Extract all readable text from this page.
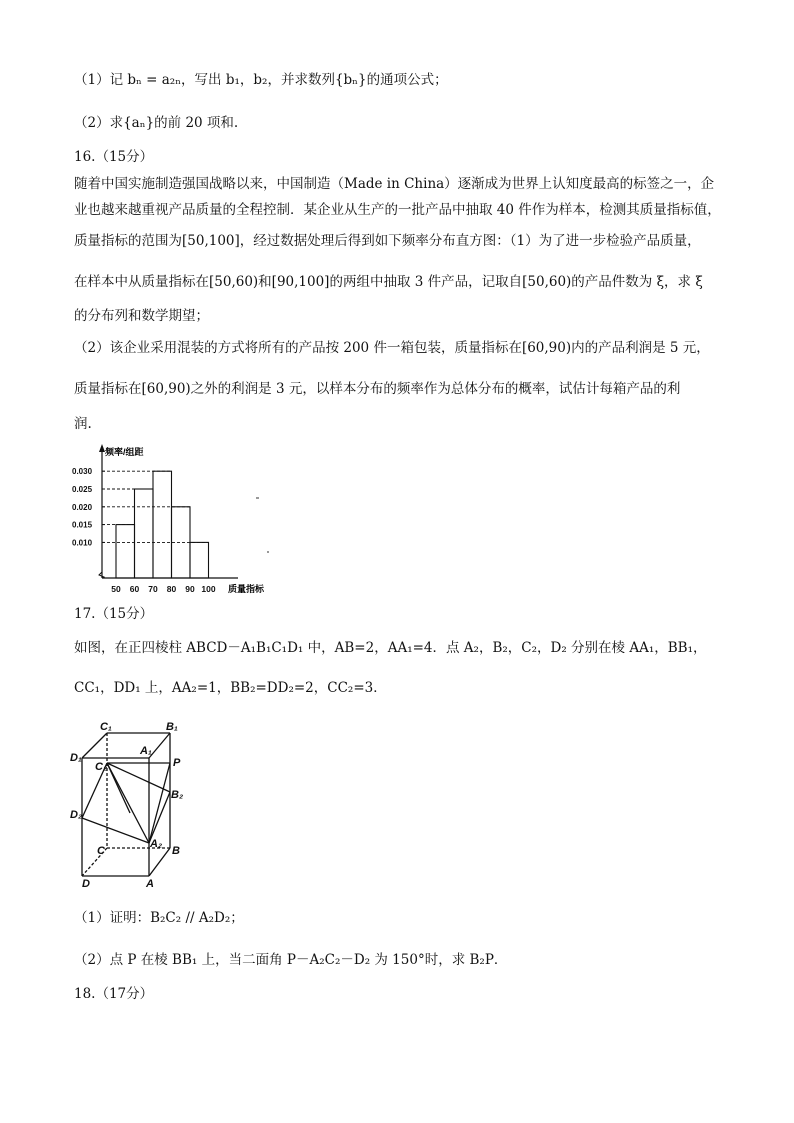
（1）记 bₙ = a₂ₙ，写出 b₁，b₂，并求数列{bₙ}的通项公式；
（2）求{aₙ}的前 20 项和.
16.（15分）
随着中国实施制造强国战略以来，中国制造（Made in China）逐渐成为世界上认知度最高的标签之一，企
业也越来越重视产品质量的全程控制．某企业从生产的一批产品中抽取 40 件作为样本，检测其质量指标值，
质量指标的范围为[50,100]，经过数据处理后得到如下频率分布直方图：（1）为了进一步检验产品质量，
在样本中从质量指标在[50,60)和[90,100]的两组中抽取 3 件产品，记取自[50,60)的产品件数为 ξ，求 ξ
的分布列和数学期望；
（2）该企业采用混装的方式将所有的产品按 200 件一箱包装，质量指标在[60,90)内的产品利润是 5 元，
质量指标在[60,90)之外的利润是 3 元，以样本分布的频率作为总体分布的概率，试估计每箱产品的利
润.
0.010
0.015
0.020
0.025
0.030
50 60 70 80 90 100
频率/组距
质量指标
17.（15分）
如图，在正四棱柱 ABCD－A₁B₁C₁D₁ 中，AB=2，AA₁=4．点 A₂，B₂，C₂，D₂ 分别在棱 AA₁，BB₁，
CC₁，DD₁ 上，AA₂=1，BB₂=DD₂=2，CC₂=3．
C₁	B₁
A₁
D₁
C₂	P
B₂
D₂
C
A₂
B
D	A
（1）证明：B₂C₂ // A₂D₂；
（2）点 P 在棱 BB₁ 上，当二面角 P－A₂C₂－D₂ 为 150°时，求 B₂P．
18.（17分）
